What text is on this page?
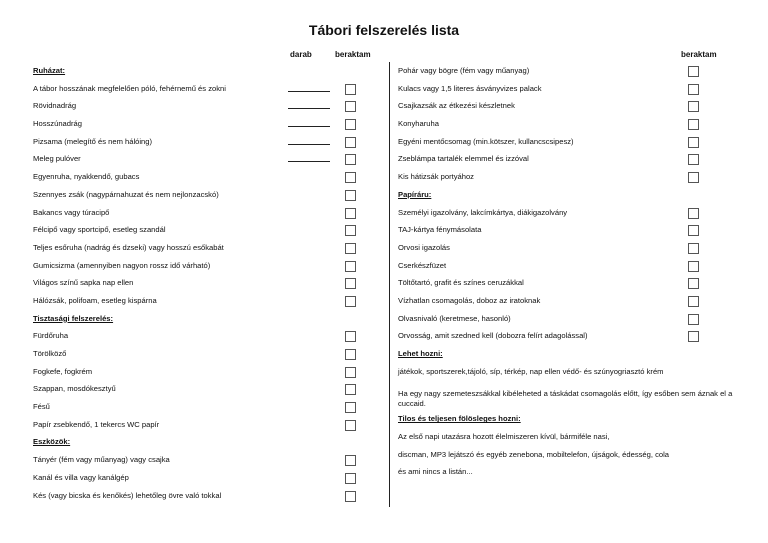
Tábori felszerelés lista
darab	beraktam	beraktam
Ruházat:
A tábor hosszának megfelelően póló, fehérnemű és zokni
Rövidnadrág
Hosszúnadrág
Pizsama (melegítő és nem hálóing)
Meleg pulóver
Egyenruha, nyakkendő, gubacs
Szennyes zsák (nagypárnahuzat és nem nejlonzacskó)
Bakancs vagy túracipő
Félcipő vagy sportcipő, esetleg szandál
Teljes esőruha (nadrág és dzseki) vagy hosszú esőkabát
Gumicsizma (amennyiben nagyon rossz idő várható)
Világos színű sapka nap ellen
Hálózsák, polifoam, esetleg kispárna
Tisztasági felszerelés:
Fürdőruha
Törölköző
Fogkefe, fogkrém
Szappan, mosdókesztyű
Fésű
Papír zsebkendő, 1 tekercs WC papír
Eszközök:
Tányér (fém vagy műanyag) vagy csajka
Kanál és villa vagy kanálgép
Kés (vagy bicska és kenőkés) lehetőleg övre való tokkal
Pohár vagy bögre (fém vagy műanyag)
Kulacs vagy 1,5 literes ásványvizes palack
Csajkazsák az étkezési készletnek
Konyharuha
Egyéni mentőcsomag (min.kötszer, kullancscsipesz)
Zseblámpa tartalék elemmel és izzóval
Kis hátizsák portyához
Papíráru:
Személyi igazolvány, lakcímkártya, diákigazolvány
TAJ-kártya fénymásolata
Orvosi igazolás
Cserkészfüzet
Töltőtartó, grafit és színes ceruzákkal
Vízhatlan csomagolás, doboz az iratoknak
Olvasnivaló (keretmese, hasonló)
Orvosság, amit szedned kell (dobozra felírt adagolással)
Lehet hozni:
játékok, sportszerek,tájoló, síp, térkép, nap ellen védő- és szúnyogriasztó krém
Ha egy nagy szemeteszsákkal kibéleheted a táskádat csomagolás előtt, így esőben sem áznak el a cuccaid.
Tilos és teljesen fölösleges hozni:
Az első napi utazásra hozott élelmiszeren kívül, bármiféle nasi,
discman, MP3 lejátszó és egyéb zenebona, mobiltelefon, újságok, édesség, cola
és ami nincs a listán...
